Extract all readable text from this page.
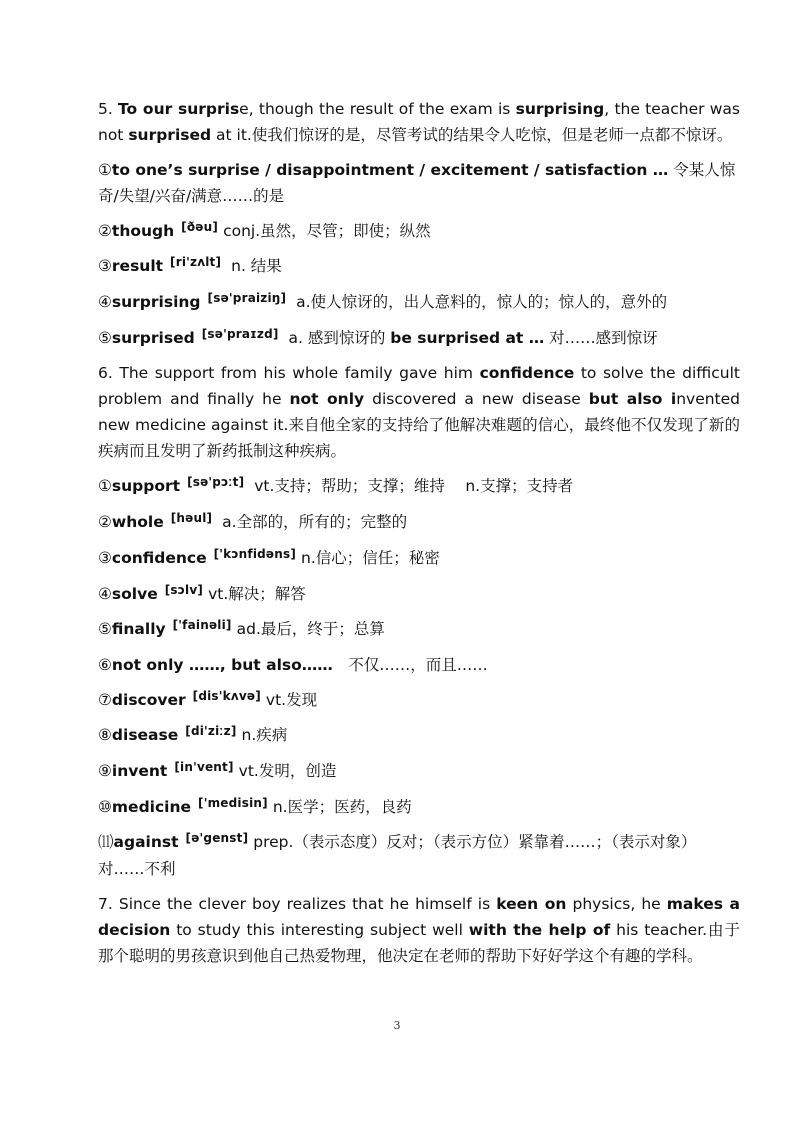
5. To our surprise, though the result of the exam is surprising, the teacher was not surprised at it.使我们惊讶的是，尽管考试的结果令人吃惊，但是老师一点都不惊讶。

①to one’s surprise / disappointment / excitement / satisfaction … 令某人惊奇/失望/兴奋/满意……的是
②though [ðəu] conj.虽然，尽管；即使；纵然
③result [ri'zʌlt] n. 结果
④surprising [sə'praiziŋ] a.使人惊讶的，出人意料的，惊人的；惊人的，意外的
⑤surprised [sə'praɪzd] a. 感到惊讶的 be surprised at … 对……感到惊讶

6. The support from his whole family gave him confidence to solve the difficult problem and finally he not only discovered a new disease but also invented new medicine against it.来自他全家的支持给了他解决难题的信心，最终他不仅发现了新的疾病而且发明了新药抵制这种疾病。

①support [sə'pɔːt] vt.支持；帮助；支撑；维持　 n.支撑；支持者
②whole [həul] a.全部的，所有的；完整的
③confidence ['kɔnfidəns] n.信心；信任；秘密
④solve [sɔlv] vt.解决；解答
⑤finally ['fainəli] ad.最后，终于；总算
⑥not only ……, but also……　不仅……，而且……
⑦discover [dis'kʌvə] vt.发现
⑧disease [di'ziːz] n.疾病
⑨invent [in'vent] vt.发明，创造
⑩medicine ['medisin] n.医学；医药，良药
⑾against [ə'genst] prep.（表示态度）反对；（表示方位）紧靠着……；（表示对象）对……不利

7. Since the clever boy realizes that he himself is keen on physics, he makes a decision to study this interesting subject well with the help of his teacher.由于那个聪明的男孩意识到他自己热爱物理，他决定在老师的帮助下好好学这个有趣的学科。

3
